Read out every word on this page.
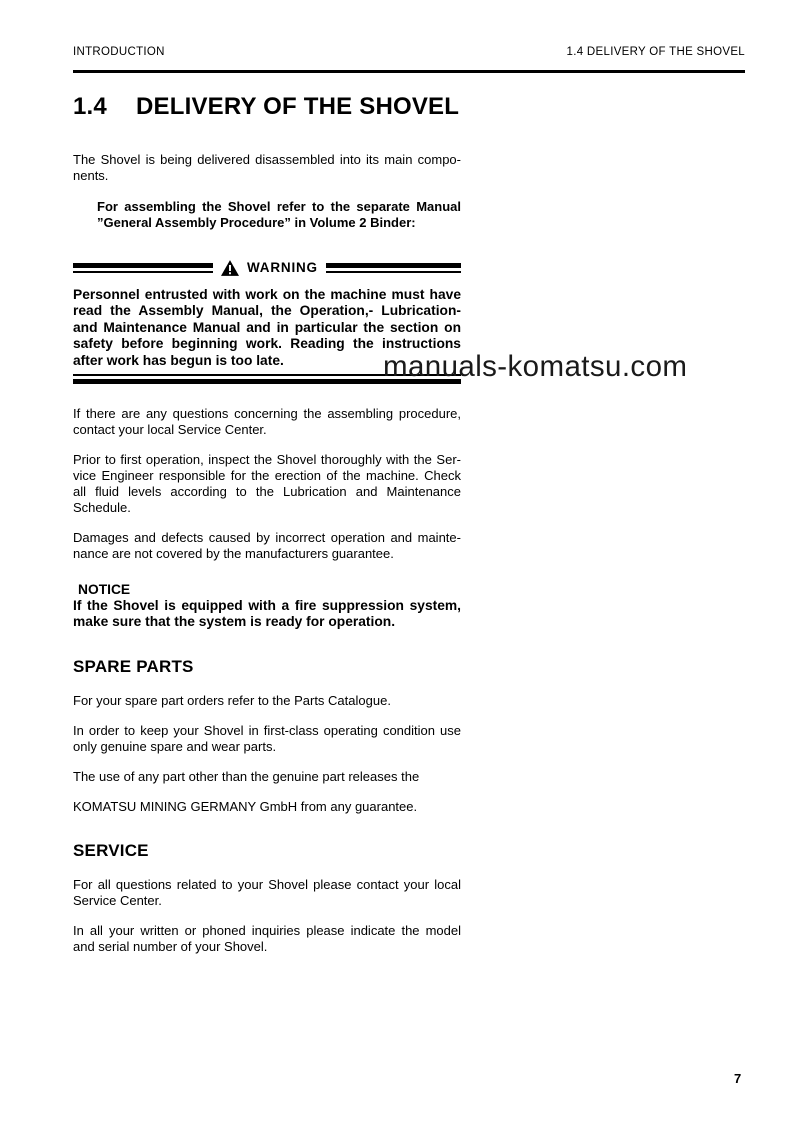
INTRODUCTION	1.4 DELIVERY OF THE SHOVEL
1.4	DELIVERY OF THE SHOVEL

The Shovel is being delivered disassembled into its main components.

For assembling the Shovel refer to the separate Manual ”General Assembly Procedure” in Volume 2 Binder:

WARNING

Personnel entrusted with work on the machine must have read the Assembly Manual, the Operation,- Lubrication- and Maintenance Manual and in particular the section on safety before beginning work. Reading the instructions after work has begun is too late.

If there are any questions concerning the assembling procedure, contact your local Service Center.

Prior to first operation, inspect the Shovel thoroughly with the Service Engineer responsible for the erection of the machine. Check all fluid levels according to the Lubrication and Maintenance Schedule.

Damages and defects caused by incorrect operation and maintenance are not covered by the manufacturers guarantee.

NOTICE

If the Shovel is equipped with a fire suppression system, make sure that the system is ready for operation.

SPARE PARTS

For your spare part orders refer to the Parts Catalogue.

In order to keep your Shovel in first-class operating condition use only genuine spare and wear parts.

The use of any part other than the genuine part releases the

KOMATSU MINING GERMANY GmbH from any guarantee.

SERVICE

For all questions related to your Shovel please contact your local Service Center.

In all your written or phoned inquiries please indicate the model and serial number of your Shovel.

manuals-komatsu.com
7
